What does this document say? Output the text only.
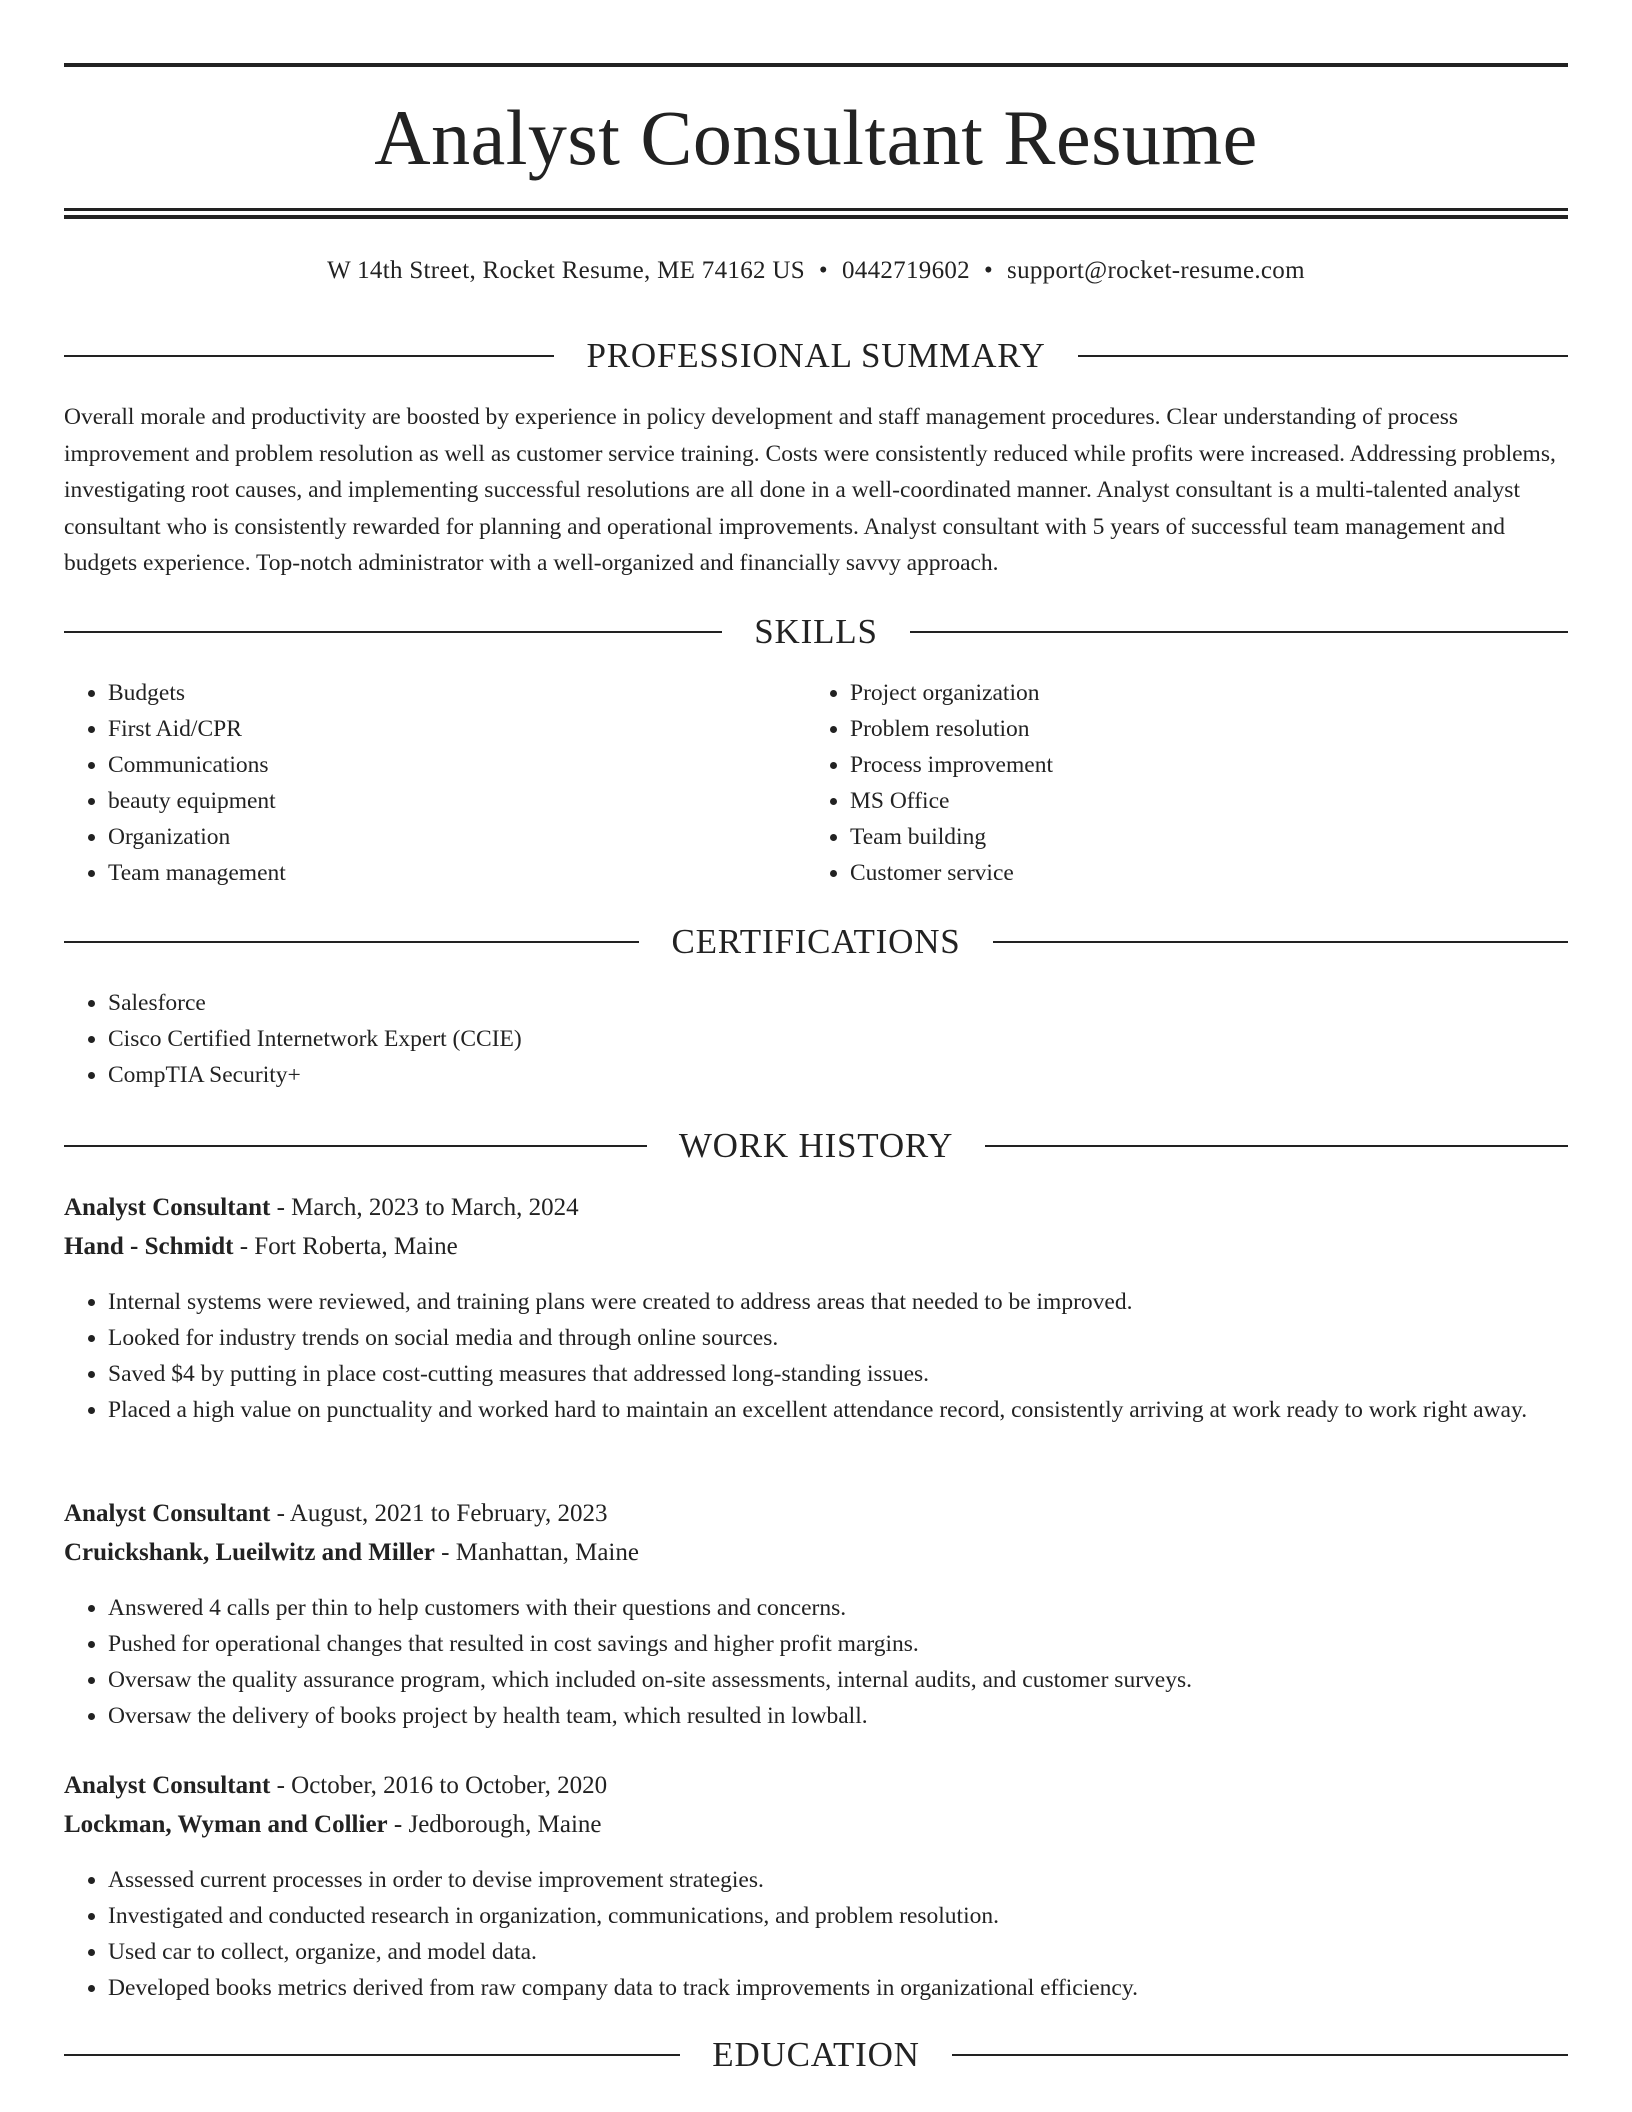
Analyst Consultant Resume
W 14th Street, Rocket Resume, ME 74162 US • 0442719602 • support@rocket-resume.com
PROFESSIONAL SUMMARY

Overall morale and productivity are boosted by experience in policy development and staff management procedures. Clear understanding of process improvement and problem resolution as well as customer service training. Costs were consistently reduced while profits were increased. Addressing problems, investigating root causes, and implementing successful resolutions are all done in a well-coordinated manner. Analyst consultant is a multi-talented analyst consultant who is consistently rewarded for planning and operational improvements. Analyst consultant with 5 years of successful team management and budgets experience. Top-notch administrator with a well-organized and financially savvy approach.

SKILLS
• Budgets
• First Aid/CPR
• Communications
• beauty equipment
• Organization
• Team management
• Project organization
• Problem resolution
• Process improvement
• MS Office
• Team building
• Customer service
CERTIFICATIONS
• Salesforce
• Cisco Certified Internetwork Expert (CCIE)
• CompTIA Security+
WORK HISTORY

Analyst Consultant - March, 2023 to March, 2024

Hand - Schmidt - Fort Roberta, Maine

• Internal systems were reviewed, and training plans were created to address areas that needed to be improved.
• Looked for industry trends on social media and through online sources.
• Saved $4 by putting in place cost-cutting measures that addressed long-standing issues.
• Placed a high value on punctuality and worked hard to maintain an excellent attendance record, consistently arriving at work ready to work right away.

Analyst Consultant - August, 2021 to February, 2023

Cruickshank, Lueilwitz and Miller - Manhattan, Maine

• Answered 4 calls per thin to help customers with their questions and concerns.
• Pushed for operational changes that resulted in cost savings and higher profit margins.
• Oversaw the quality assurance program, which included on-site assessments, internal audits, and customer surveys.
• Oversaw the delivery of books project by health team, which resulted in lowball.

Analyst Consultant - October, 2016 to October, 2020

Lockman, Wyman and Collier - Jedborough, Maine

• Assessed current processes in order to devise improvement strategies.
• Investigated and conducted research in organization, communications, and problem resolution.
• Used car to collect, organize, and model data.
• Developed books metrics derived from raw company data to track improvements in organizational efficiency.
EDUCATION
